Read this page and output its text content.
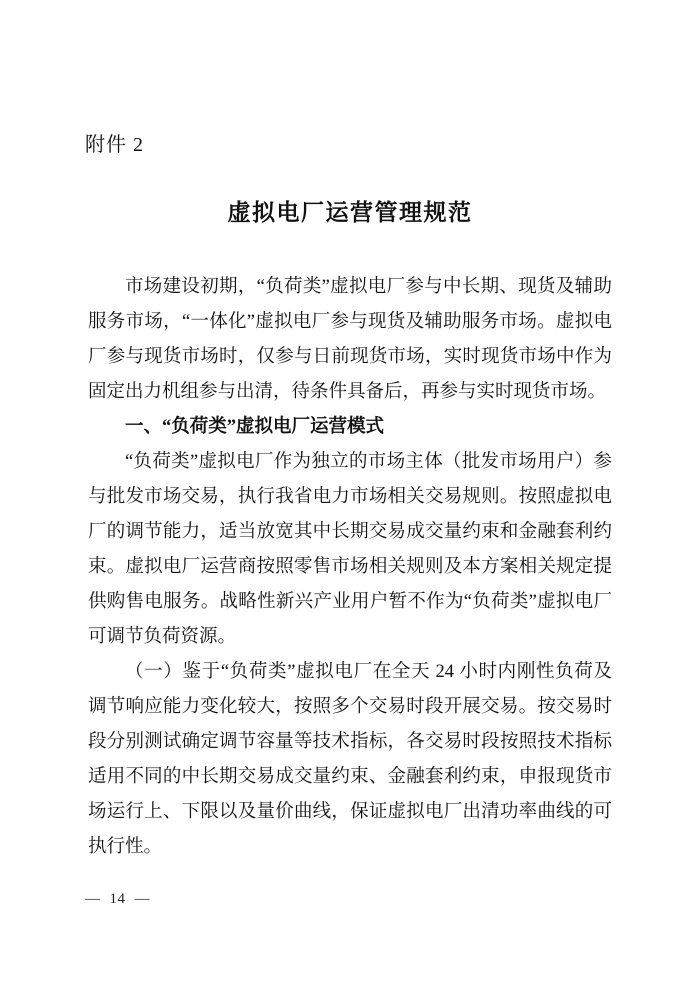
附件 2
虚拟电厂运营管理规范

市场建设初期，“负荷类”虚拟电厂参与中长期、现货及辅助服务市场，“一体化”虚拟电厂参与现货及辅助服务市场。虚拟电厂参与现货市场时，仅参与日前现货市场，实时现货市场中作为固定出力机组参与出清，待条件具备后，再参与实时现货市场。

一、“负荷类”虚拟电厂运营模式

“负荷类”虚拟电厂作为独立的市场主体（批发市场用户）参与批发市场交易，执行我省电力市场相关交易规则。按照虚拟电厂的调节能力，适当放宽其中长期交易成交量约束和金融套利约束。虚拟电厂运营商按照零售市场相关规则及本方案相关规定提供购售电服务。战略性新兴产业用户暂不作为“负荷类”虚拟电厂可调节负荷资源。

（一）鉴于“负荷类”虚拟电厂在全天 24 小时内刚性负荷及调节响应能力变化较大，按照多个交易时段开展交易。按交易时段分别测试确定调节容量等技术指标，各交易时段按照技术指标适用不同的中长期交易成交量约束、金融套利约束，申报现货市场运行上、下限以及量价曲线，保证虚拟电厂出清功率曲线的可执行性。

— 14 —
